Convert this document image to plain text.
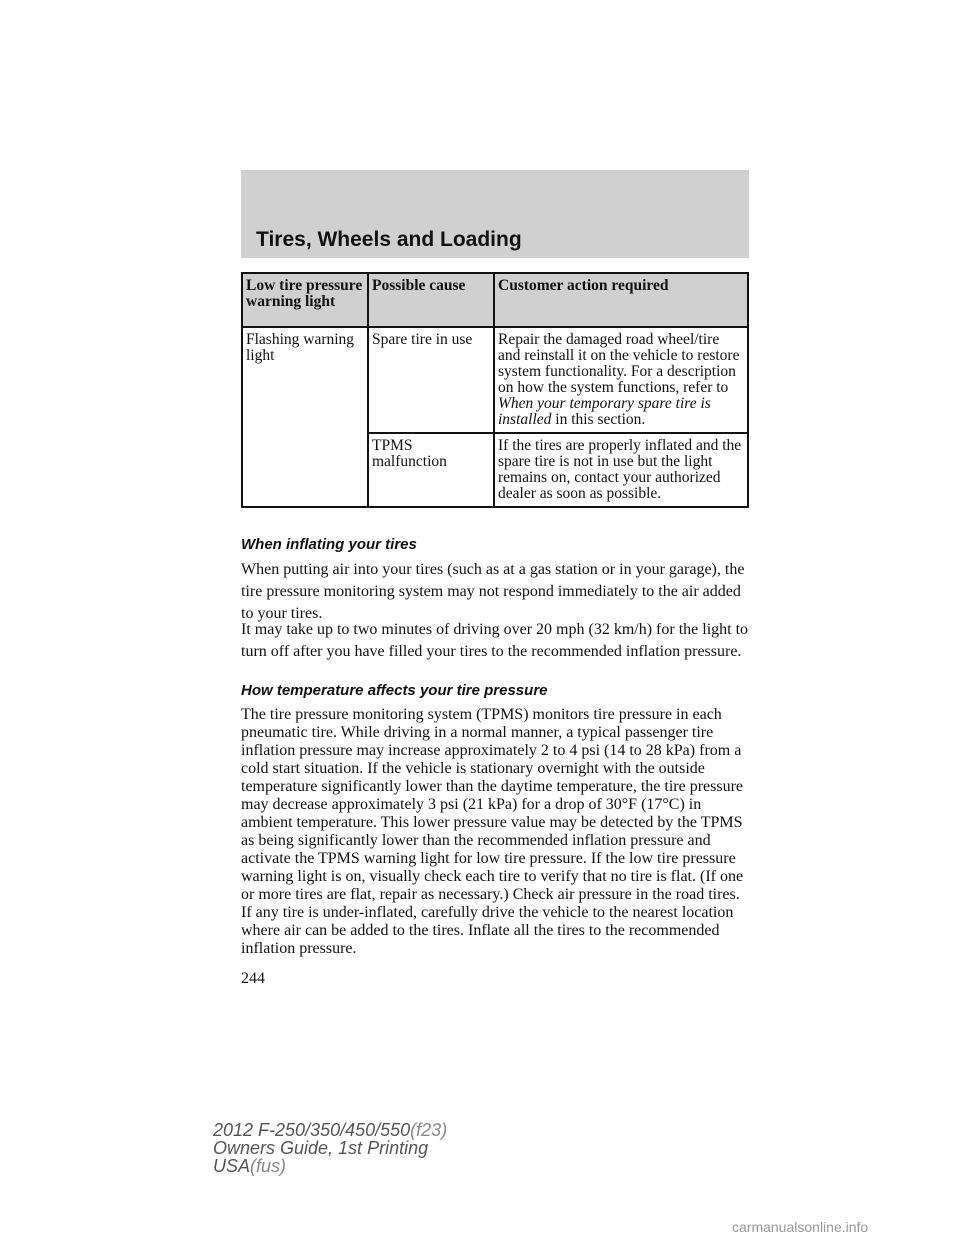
Tires, Wheels and Loading
Low tire pressure warning light	Possible cause	Customer action required
Flashing warning light	Spare tire in use	Repair the damaged road wheel/tire and reinstall it on the vehicle to restore system functionality. For a description on how the system functions, refer to When your temporary spare tire is installed in this section.
	TPMS malfunction	If the tires are properly inflated and the spare tire is not in use but the light remains on, contact your authorized dealer as soon as possible.
When inflating your tires

When putting air into your tires (such as at a gas station or in your garage), the tire pressure monitoring system may not respond immediately to the air added to your tires.

It may take up to two minutes of driving over 20 mph (32 km/h) for the light to turn off after you have filled your tires to the recommended inflation pressure.

How temperature affects your tire pressure

The tire pressure monitoring system (TPMS) monitors tire pressure in each pneumatic tire. While driving in a normal manner, a typical passenger tire inflation pressure may increase approximately 2 to 4 psi (14 to 28 kPa) from a cold start situation. If the vehicle is stationary overnight with the outside temperature significantly lower than the daytime temperature, the tire pressure may decrease approximately 3 psi (21 kPa) for a drop of 30°F (17°C) in ambient temperature. This lower pressure value may be detected by the TPMS as being significantly lower than the recommended inflation pressure and activate the TPMS warning light for low tire pressure. If the low tire pressure warning light is on, visually check each tire to verify that no tire is flat. (If one or more tires are flat, repair as necessary.) Check air pressure in the road tires. If any tire is under-inflated, carefully drive the vehicle to the nearest location where air can be added to the tires. Inflate all the tires to the recommended inflation pressure.

244

2012 F-250/350/450/550(f23)
Owners Guide, 1st Printing
USA(fus)

carmanualsonline.info
